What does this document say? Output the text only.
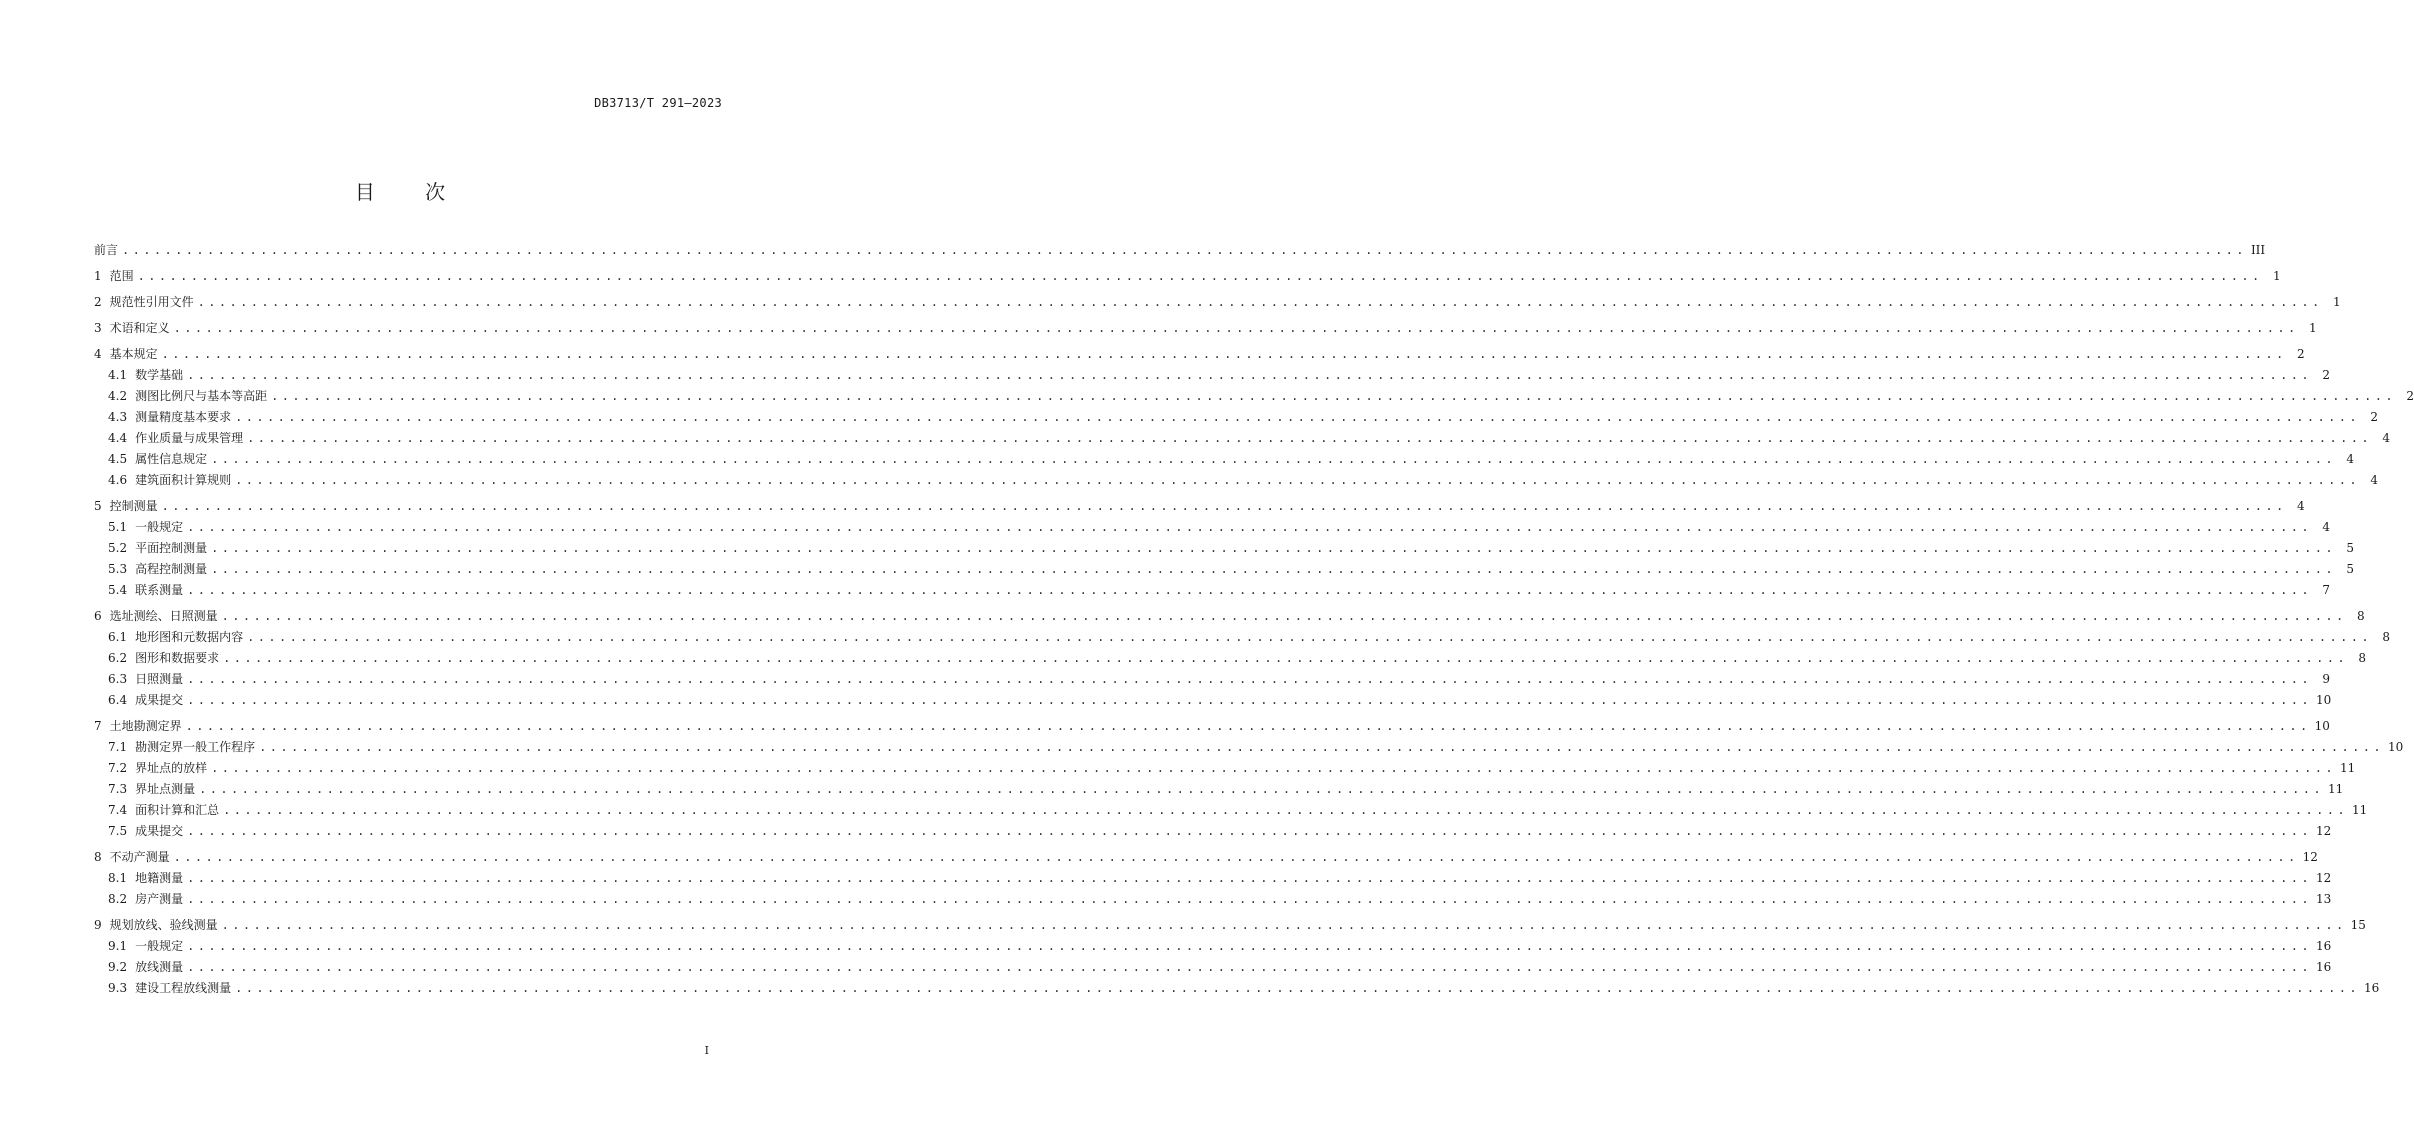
DB3713/T 291—2023
目 次
前言 ........................................................................................................................................................................................................ III
1 范围 ........................................................................................................................................................................................................ 1
2 规范性引用文件 ........................................................................................................................................................................................................ 1
3 术语和定义 ........................................................................................................................................................................................................ 1
4 基本规定 ........................................................................................................................................................................................................ 2
4.1 数学基础 ........................................................................................................................................................................................................ 2
4.2 测图比例尺与基本等高距 ........................................................................................................................................................................................................ 2
4.3 测量精度基本要求 ........................................................................................................................................................................................................ 2
4.4 作业质量与成果管理 ........................................................................................................................................................................................................ 4
4.5 属性信息规定 ........................................................................................................................................................................................................ 4
4.6 建筑面积计算规则 ........................................................................................................................................................................................................ 4
5 控制测量 ........................................................................................................................................................................................................ 4
5.1 一般规定 ........................................................................................................................................................................................................ 4
5.2 平面控制测量 ........................................................................................................................................................................................................ 5
5.3 高程控制测量 ........................................................................................................................................................................................................ 5
5.4 联系测量 ........................................................................................................................................................................................................ 7
6 选址测绘、日照测量 ........................................................................................................................................................................................................ 8
6.1 地形图和元数据内容 ........................................................................................................................................................................................................ 8
6.2 图形和数据要求 ........................................................................................................................................................................................................ 8
6.3 日照测量 ........................................................................................................................................................................................................ 9
6.4 成果提交 ........................................................................................................................................................................................................ 10
7 土地勘测定界 ........................................................................................................................................................................................................ 10
7.1 勘测定界一般工作程序 ........................................................................................................................................................................................................ 10
7.2 界址点的放样 ........................................................................................................................................................................................................ 11
7.3 界址点测量 ........................................................................................................................................................................................................ 11
7.4 面积计算和汇总 ........................................................................................................................................................................................................ 11
7.5 成果提交 ........................................................................................................................................................................................................ 12
8 不动产测量 ........................................................................................................................................................................................................ 12
8.1 地籍测量 ........................................................................................................................................................................................................ 12
8.2 房产测量 ........................................................................................................................................................................................................ 13
9 规划放线、验线测量 ........................................................................................................................................................................................................ 15
9.1 一般规定 ........................................................................................................................................................................................................ 16
9.2 放线测量 ........................................................................................................................................................................................................ 16
9.3 建设工程放线测量 ........................................................................................................................................................................................................ 16
I
